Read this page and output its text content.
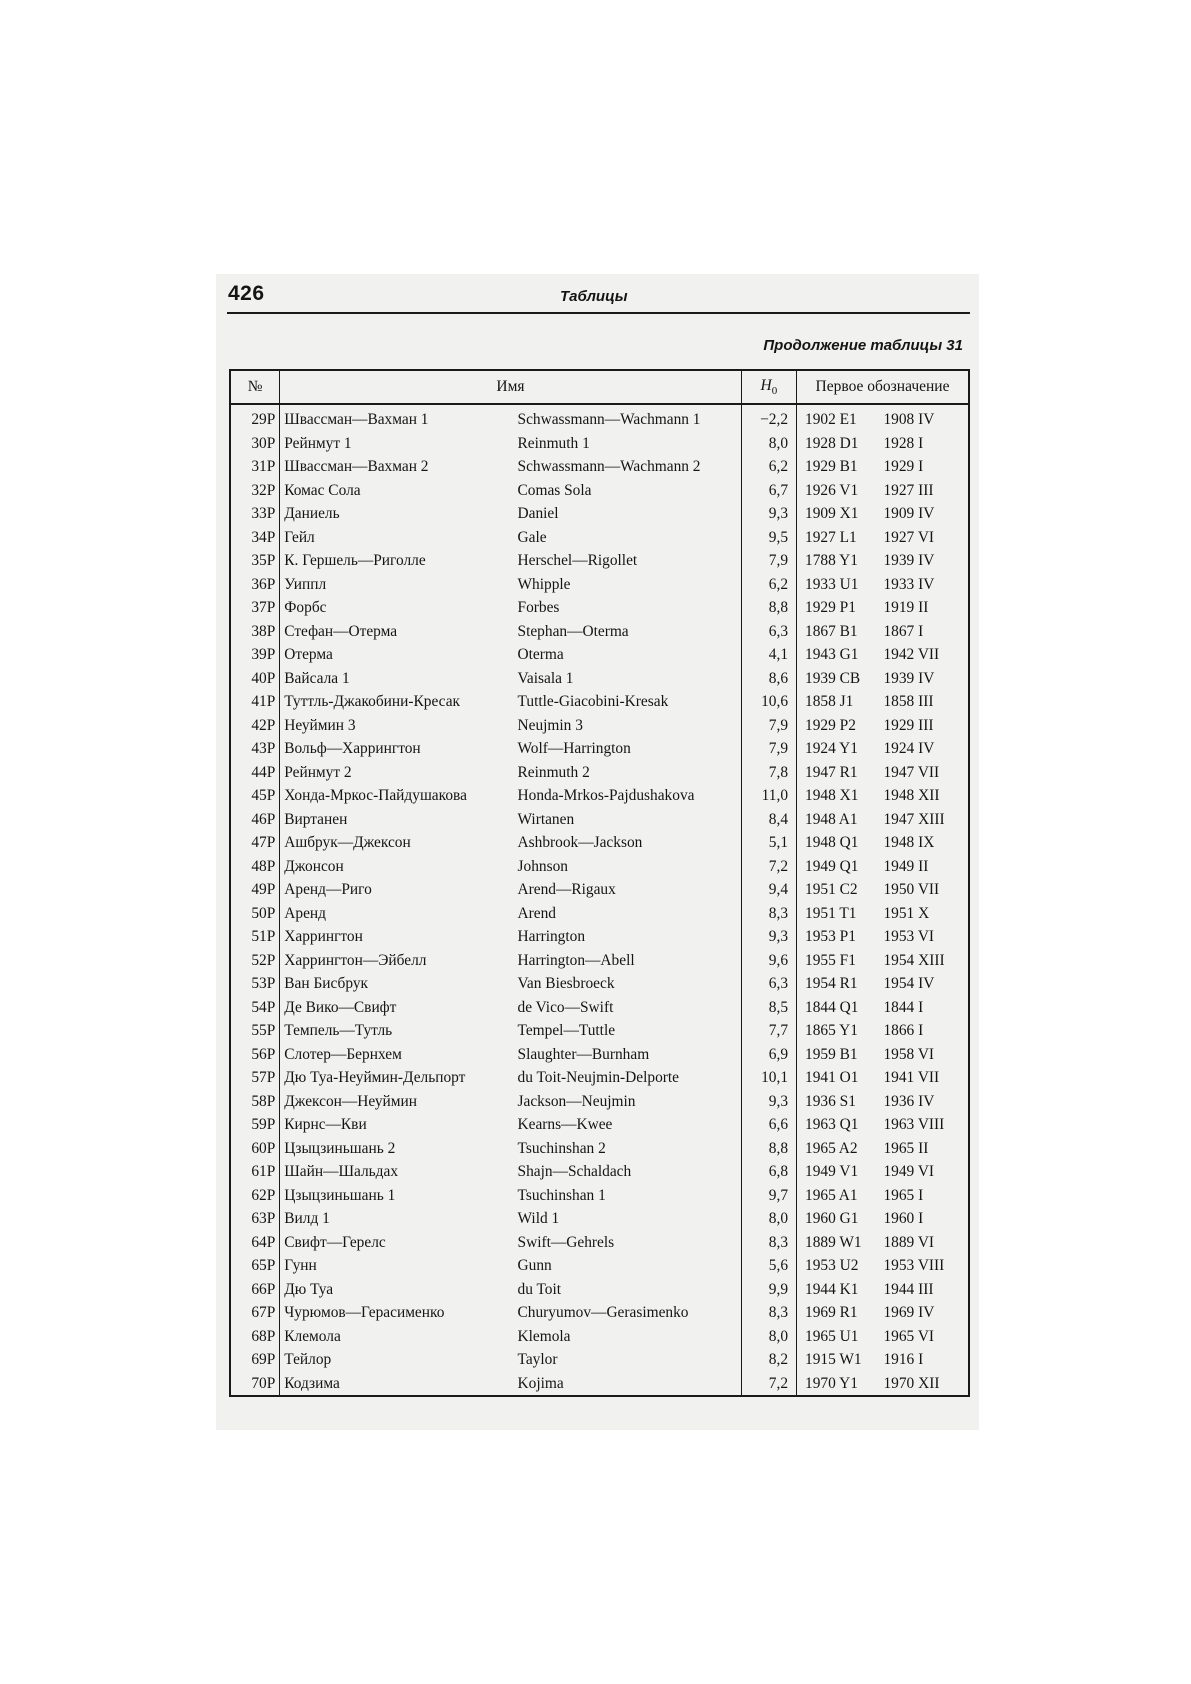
426	Таблицы
Продолжение таблицы 31
№	Имя		$H_0$	Первое обозначение	
29P	Швассман—Вахман 1	Schwassmann—Wachmann 1	−2,2	1902 E1	1908 IV
30P	Рейнмут 1	Reinmuth 1	8,0	1928 D1	1928 I
31P	Швассман—Вахман 2	Schwassmann—Wachmann 2	6,2	1929 B1	1929 I
32P	Комас Сола	Comas Sola	6,7	1926 V1	1927 III
33P	Даниель	Daniel	9,3	1909 X1	1909 IV
34P	Гейл	Gale	9,5	1927 L1	1927 VI
35P	К. Гершель—Риголле	Herschel—Rigollet	7,9	1788 Y1	1939 IV
36P	Уиппл	Whipple	6,2	1933 U1	1933 IV
37P	Форбс	Forbes	8,8	1929 P1	1919 II
38P	Стефан—Отерма	Stephan—Oterma	6,3	1867 B1	1867 I
39P	Отерма	Oterma	4,1	1943 G1	1942 VII
40P	Вайсала 1	Vaisala 1	8,6	1939 CB	1939 IV
41P	Туттль-Джакобини-Кресак	Tuttle-Giacobini-Kresak	10,6	1858 J1	1858 III
42P	Неуймин 3	Neujmin 3	7,9	1929 P2	1929 III
43P	Вольф—Харрингтон	Wolf—Harrington	7,9	1924 Y1	1924 IV
44P	Рейнмут 2	Reinmuth 2	7,8	1947 R1	1947 VII
45P	Хонда-Мркос-Пайдушакова	Honda-Mrkos-Pajdushakova	11,0	1948 X1	1948 XII
46P	Виртанен	Wirtanen	8,4	1948 A1	1947 XIII
47P	Ашбрук—Джексон	Ashbrook—Jackson	5,1	1948 Q1	1948 IX
48P	Джонсон	Johnson	7,2	1949 Q1	1949 II
49P	Аренд—Риго	Arend—Rigaux	9,4	1951 C2	1950 VII
50P	Аренд	Arend	8,3	1951 T1	1951 X
51P	Харрингтон	Harrington	9,3	1953 P1	1953 VI
52P	Харрингтон—Эйбелл	Harrington—Abell	9,6	1955 F1	1954 XIII
53P	Ван Бисбрук	Van Biesbroeck	6,3	1954 R1	1954 IV
54P	Де Вико—Свифт	de Vico—Swift	8,5	1844 Q1	1844 I
55P	Темпель—Тутль	Tempel—Tuttle	7,7	1865 Y1	1866 I
56P	Слотер—Бернхем	Slaughter—Burnham	6,9	1959 B1	1958 VI
57P	Дю Туа-Неуймин-Дельпорт	du Toit-Neujmin-Delporte	10,1	1941 O1	1941 VII
58P	Джексон—Неуймин	Jackson—Neujmin	9,3	1936 S1	1936 IV
59P	Кирнс—Кви	Kearns—Kwee	6,6	1963 Q1	1963 VIII
60P	Цзыцзиньшань 2	Tsuchinshan 2	8,8	1965 A2	1965 II
61P	Шайн—Шальдах	Shajn—Schaldach	6,8	1949 V1	1949 VI
62P	Цзыцзиньшань 1	Tsuchinshan 1	9,7	1965 A1	1965 I
63P	Вилд 1	Wild 1	8,0	1960 G1	1960 I
64P	Свифт—Герелс	Swift—Gehrels	8,3	1889 W1	1889 VI
65P	Гунн	Gunn	5,6	1953 U2	1953 VIII
66P	Дю Туа	du Toit	9,9	1944 K1	1944 III
67P	Чурюмов—Герасименко	Churyumov—Gerasimenko	8,3	1969 R1	1969 IV
68P	Клемола	Klemola	8,0	1965 U1	1965 VI
69P	Тейлор	Taylor	8,2	1915 W1	1916 I
70P	Кодзима	Kojima	7,2	1970 Y1	1970 XII
